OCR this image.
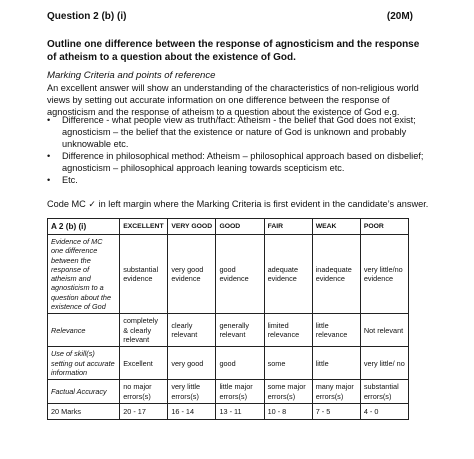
Question 2 (b) (i)	(20M)
Outline one difference between the response of agnosticism and the response of atheism to a question about the existence of God.
Marking Criteria and points of reference
An excellent answer will show an understanding of the characteristics of non-religious world views by setting out accurate information on one difference between the response of agnosticism and the response of atheism to a question about the existence of God e.g.
• Difference - what people view as truth/fact: Atheism - the belief that God does not exist; agnosticism – the belief that the existence or nature of God is unknown and probably unknowable etc.
• Difference in philosophical method: Atheism – philosophical approach based on disbelief; agnosticism – philosophical approach leaning towards scepticism etc.
• Etc.
Code MC ✓ in left margin where the Marking Criteria is first evident in the candidate’s answer.
A 2 (b) (i)	EXCELLENT	VERY GOOD	GOOD	FAIR	WEAK	POOR
Evidence of MC one difference between the response of atheism and agnosticism to a question about the existence of God	substantial evidence	very good evidence	good evidence	adequate evidence	inadequate evidence	very little/no evidence
Relevance	completely & clearly relevant	clearly relevant	generally relevant	limited relevance	little relevance	Not relevant
Use of skill(s) setting out accurate information	Excellent	very good	good	some	little	very little/ no
Factual Accuracy	no major errors(s)	very little errors(s)	little major errors(s)	some major errors(s)	many major errors(s)	substantial errors(s)
20 Marks	20 - 17	16 - 14	13 - 11	10 - 8	7 - 5	4 - 0
